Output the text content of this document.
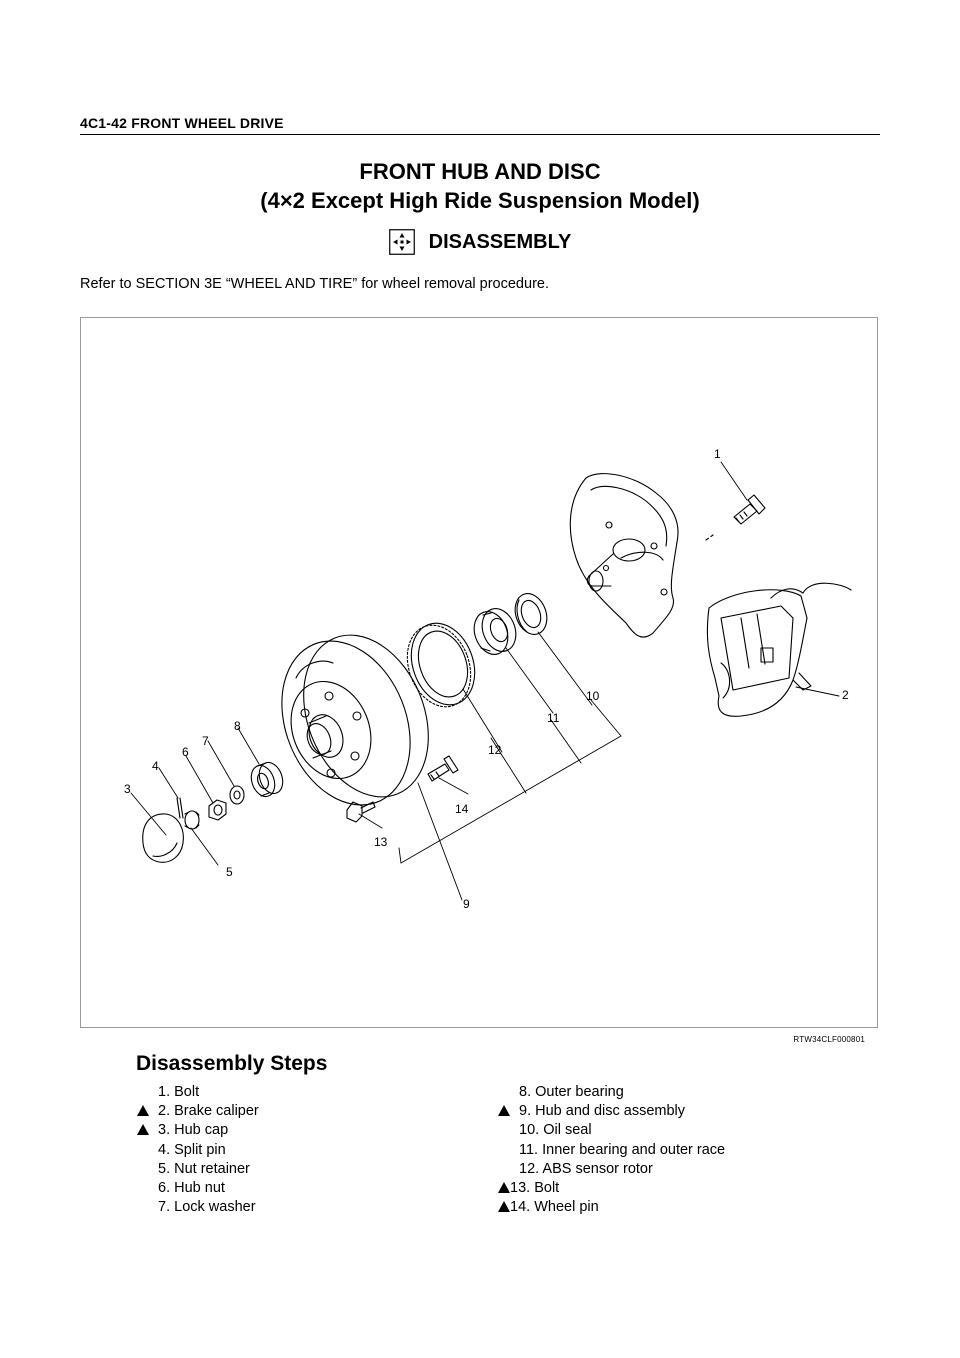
4C1-42 FRONT WHEEL DRIVE
FRONT HUB AND DISC
(4×2 Except High Ride Suspension Model)
DISASSEMBLY
Refer to SECTION 3E “WHEEL AND TIRE” for wheel removal procedure.
1
2
3
4
5
6
7
8
9
10
11
12
13
14
RTW34CLF000801
Disassembly Steps
1. Bolt
2. Brake caliper
3. Hub cap
4. Split pin
5. Nut retainer
6. Hub nut
7. Lock washer
8. Outer bearing
9. Hub and disc assembly
10. Oil seal
11. Inner bearing and outer race
12. ABS sensor rotor
13. Bolt
14. Wheel pin
